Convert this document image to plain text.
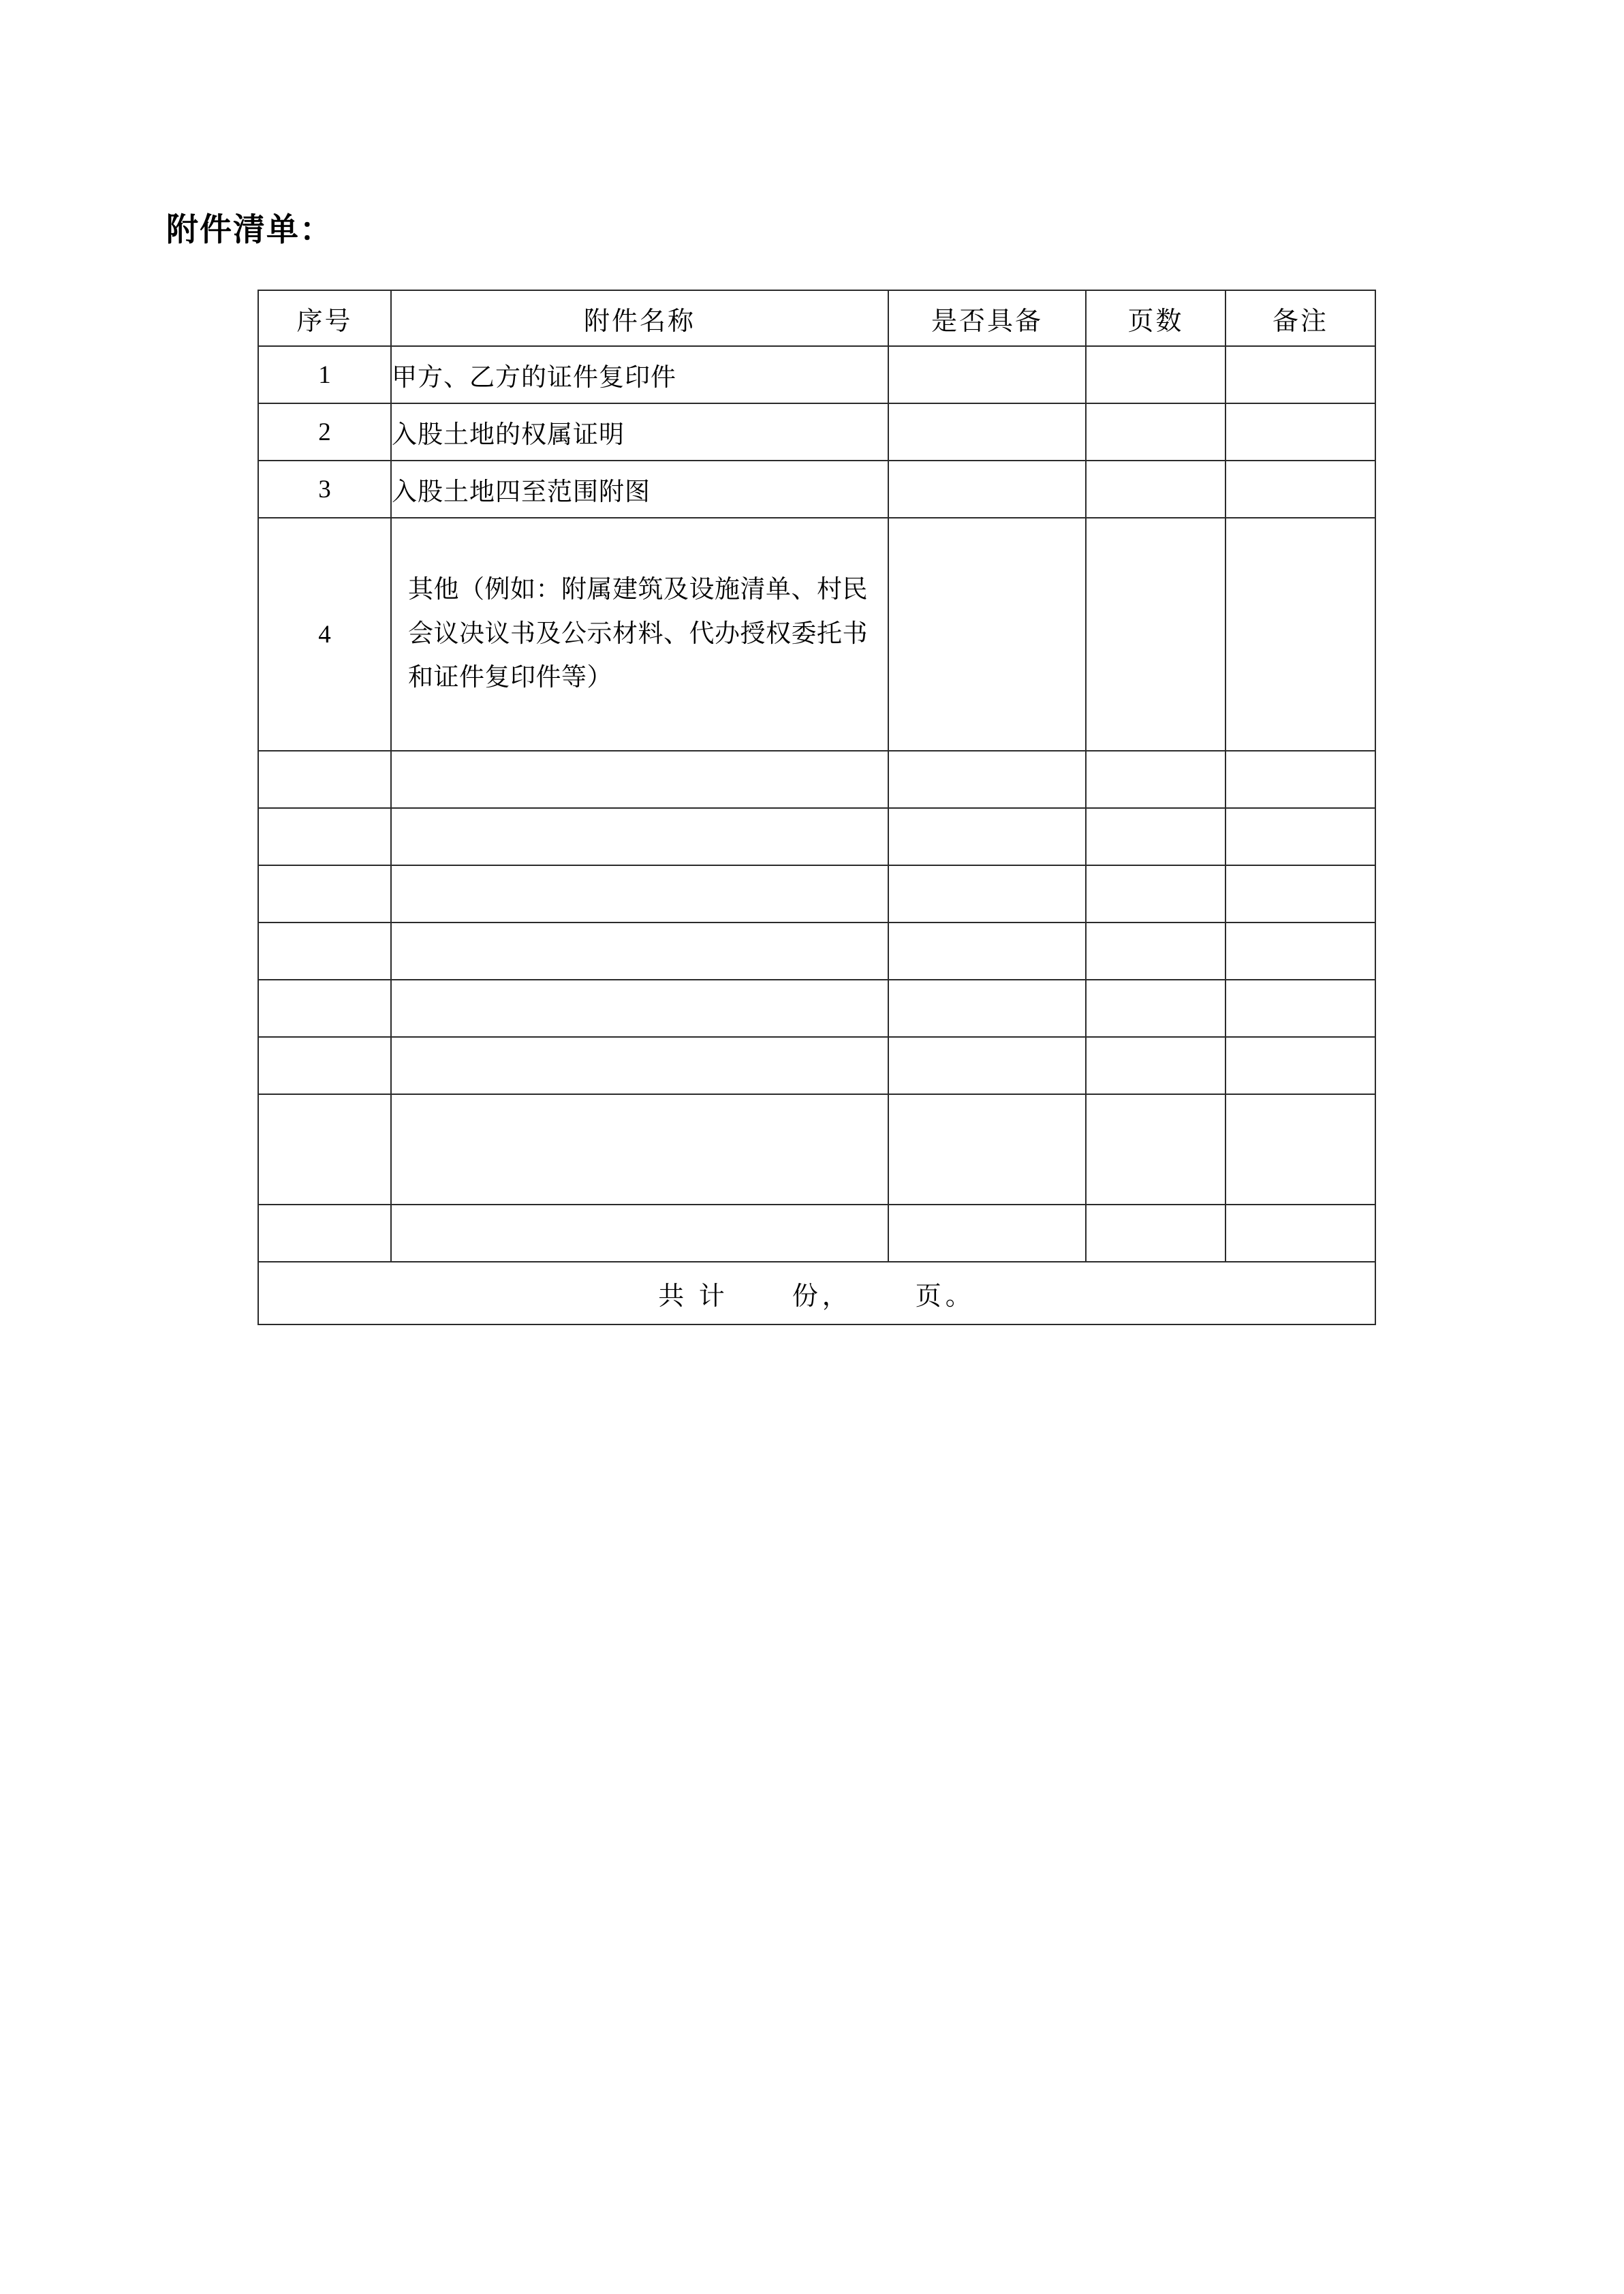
附件清单：
序号	附件名称	是否具备	页数	备注
1	甲方、乙方的证件复印件			
2	入股土地的权属证明			
3	入股土地四至范围附图			
4	其他（例如：附属建筑及设施清单、村民会议决议书及公示材料、代办授权委托书和证件复印件等）			

共 计      份，      页。				
